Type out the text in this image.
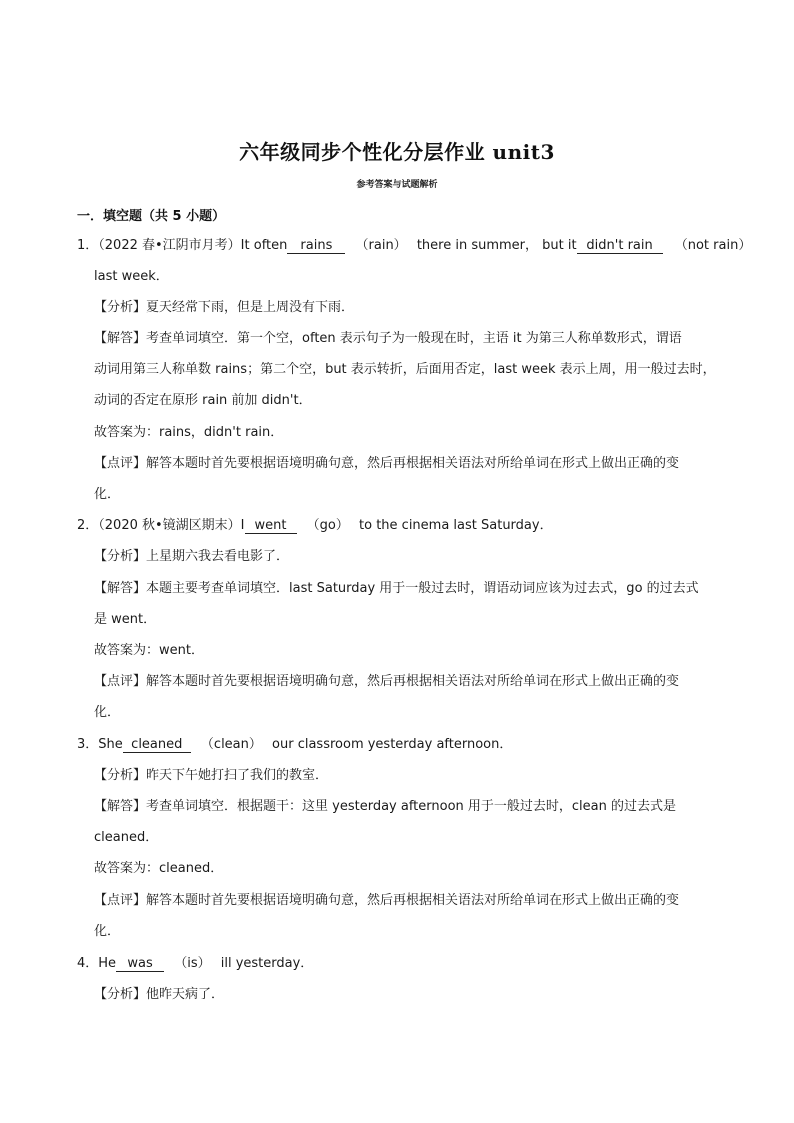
六年级同步个性化分层作业 unit3
参考答案与试题解析
一．填空题（共 5 小题）
1．（2022 春•江阴市月考）It often rains （rain） there in summer， but it didn't rain （not rain）
last week．
【分析】夏天经常下雨，但是上周没有下雨．
【解答】考查单词填空．第一个空，often 表示句子为一般现在时，主语 it 为第三人称单数形式，谓语
动词用第三人称单数 rains；第二个空，but 表示转折，后面用否定，last week 表示上周，用一般过去时，
动词的否定在原形 rain 前加 didn't．
故答案为：rains，didn't rain．
【点评】解答本题时首先要根据语境明确句意，然后再根据相关语法对所给单词在形式上做出正确的变
化．
2．（2020 秋•镜湖区期末）I went （go） to the cinema last Saturday．
【分析】上星期六我去看电影了．
【解答】本题主要考查单词填空．last Saturday 用于一般过去时，谓语动词应该为过去式，go 的过去式
是 went．
故答案为：went．
【点评】解答本题时首先要根据语境明确句意，然后再根据相关语法对所给单词在形式上做出正确的变
化．
3．She cleaned （clean） our classroom yesterday afternoon．
【分析】昨天下午她打扫了我们的教室．
【解答】考查单词填空．根据题干：这里 yesterday afternoon 用于一般过去时，clean 的过去式是
cleaned．
故答案为：cleaned．
【点评】解答本题时首先要根据语境明确句意，然后再根据相关语法对所给单词在形式上做出正确的变
化．
4．He was （is） ill yesterday．
【分析】他昨天病了．
